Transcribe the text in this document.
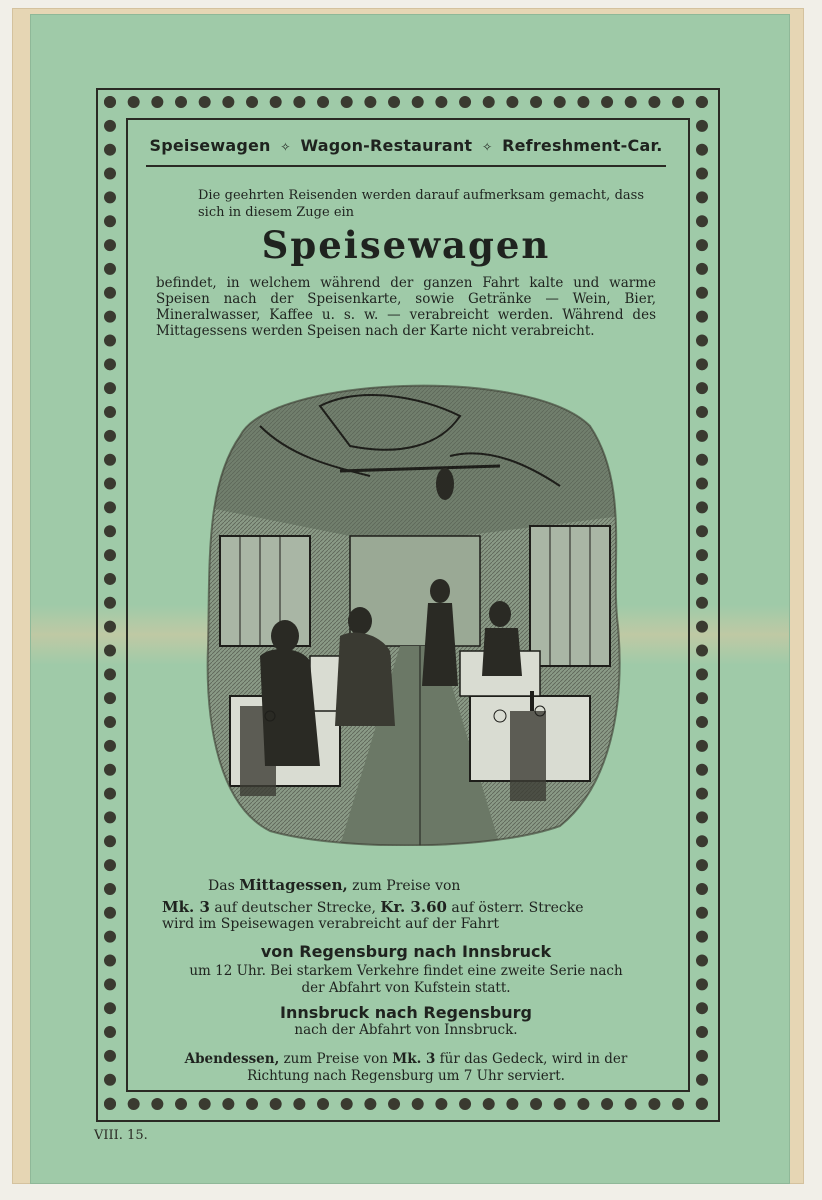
Speisewagen ✧ Wagon-Restaurant ✧ Refreshment-Car.
Die geehrten Reisenden werden darauf aufmerksam gemacht, dass sich in diesem Zuge ein
Speisewagen
befindet, in welchem während der ganzen Fahrt kalte und warme Speisen nach der Speisenkarte, sowie Getränke — Wein, Bier, Mineralwasser, Kaffee u. s. w. — verabreicht werden. Während des Mittagessens werden Speisen nach der Karte nicht verabreicht.
Das Mittagessen, zum Preise von
Mk. 3 auf deutscher Strecke, Kr. 3.60 auf österr. Strecke
wird im Speisewagen verabreicht auf der Fahrt
von Regensburg nach Innsbruck
um 12 Uhr. Bei starkem Verkehre findet eine zweite Serie nach der Abfahrt von Kufstein statt.
Innsbruck nach Regensburg
nach der Abfahrt von Innsbruck.
Abendessen, zum Preise von Mk. 3 für das Gedeck, wird in der Richtung nach Regensburg um 7 Uhr serviert.
VIII. 15.
